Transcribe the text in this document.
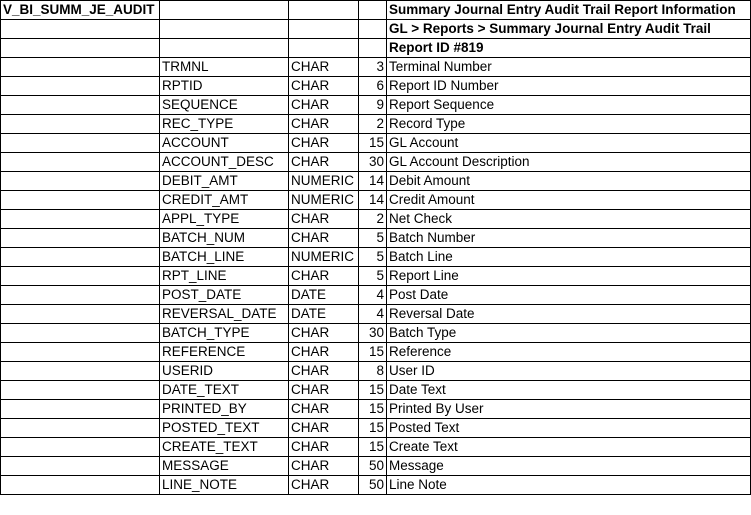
V_BI_SUMM_JE_AUDIT				Summary Journal Entry Audit Trail Report Information
				GL > Reports > Summary Journal Entry Audit Trail
				Report ID #819
	TRMNL	CHAR	3	Terminal Number
	RPTID	CHAR	6	Report ID Number
	SEQUENCE	CHAR	9	Report Sequence
	REC_TYPE	CHAR	2	Record Type
	ACCOUNT	CHAR	15	GL Account
	ACCOUNT_DESC	CHAR	30	GL Account Description
	DEBIT_AMT	NUMERIC	14	Debit Amount
	CREDIT_AMT	NUMERIC	14	Credit Amount
	APPL_TYPE	CHAR	2	Net Check
	BATCH_NUM	CHAR	5	Batch Number
	BATCH_LINE	NUMERIC	5	Batch Line
	RPT_LINE	CHAR	5	Report Line
	POST_DATE	DATE	4	Post Date
	REVERSAL_DATE	DATE	4	Reversal Date
	BATCH_TYPE	CHAR	30	Batch Type
	REFERENCE	CHAR	15	Reference
	USERID	CHAR	8	User ID
	DATE_TEXT	CHAR	15	Date Text
	PRINTED_BY	CHAR	15	Printed By User
	POSTED_TEXT	CHAR	15	Posted Text
	CREATE_TEXT	CHAR	15	Create Text
	MESSAGE	CHAR	50	Message
	LINE_NOTE	CHAR	50	Line Note
